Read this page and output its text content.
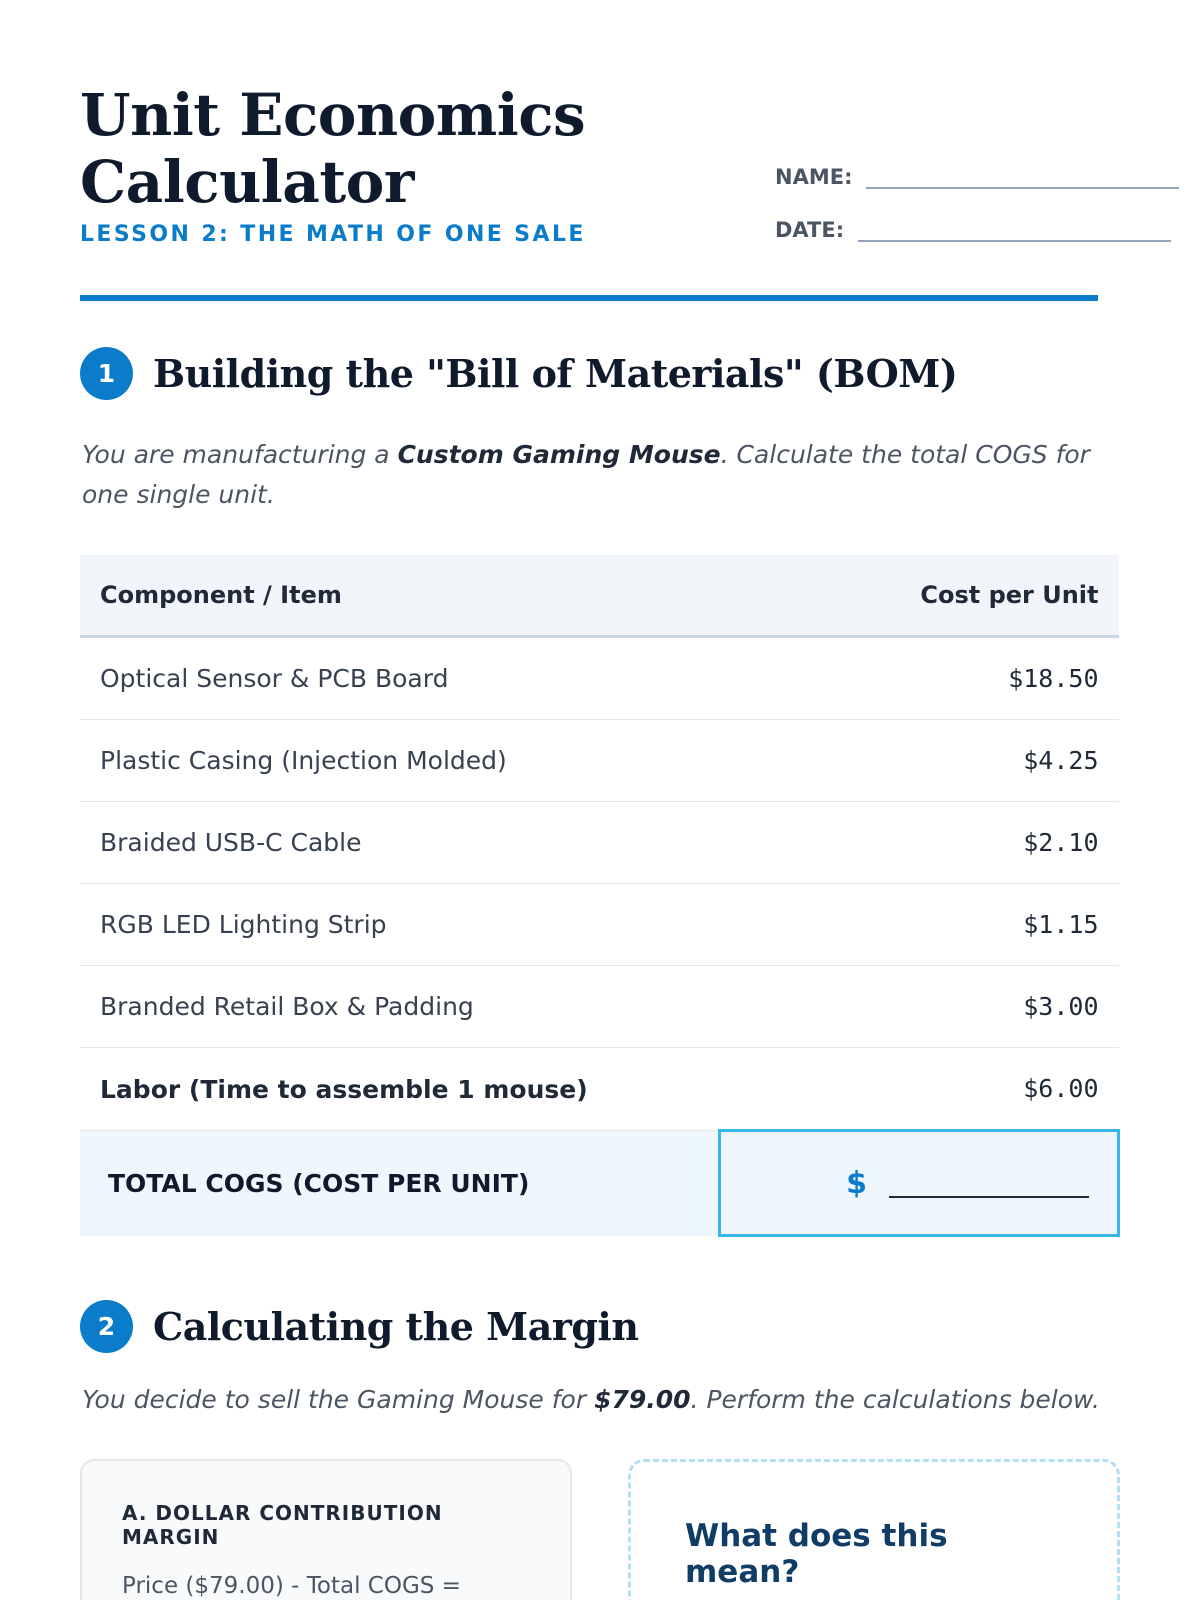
Unit Economics
Calculator
LESSON 2: THE MATH OF ONE SALE
NAME:
DATE:
1 Building the "Bill of Materials" (BOM)
You are manufacturing a Custom Gaming Mouse. Calculate the total COGS for one single unit.
Component / Item	Cost per Unit
Optical Sensor & PCB Board	$18.50
Plastic Casing (Injection Molded)	$4.25
Braided USB-C Cable	$2.10
RGB LED Lighting Strip	$1.15
Branded Retail Box & Padding	$3.00
Labor (Time to assemble 1 mouse)	$6.00
TOTAL COGS (COST PER UNIT)	$
2 Calculating the Margin
You decide to sell the Gaming Mouse for $79.00. Perform the calculations below.
A. DOLLAR CONTRIBUTION MARGIN
Price ($79.00) - Total COGS =
What does this mean?
